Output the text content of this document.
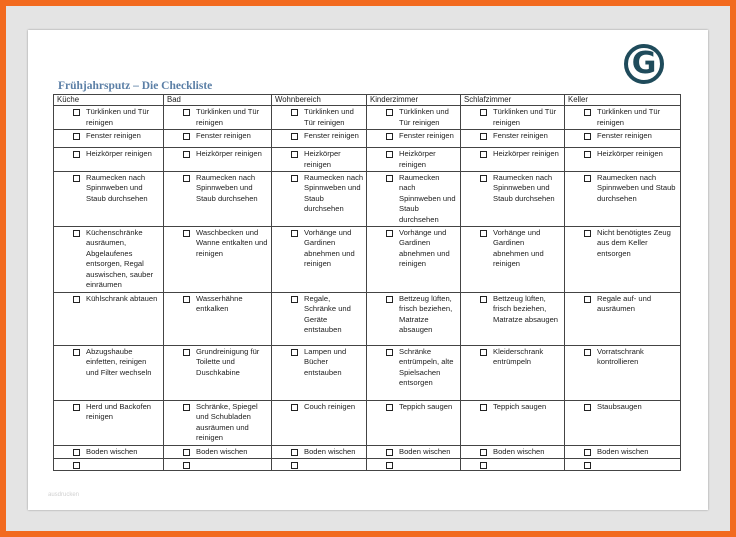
G
Frühjahrsputz – Die Checkliste
Küche	Bad	Wohnbereich	Kinderzimmer	Schlafzimmer	Keller

Türklinken und Tür reinigen	Türklinken und Tür reinigen	Türklinken und Tür reinigen	Türklinken und Tür reinigen	Türklinken und Tür reinigen	Türklinken und Tür reinigen

Fenster reinigen	Fenster reinigen	Fenster reinigen	Fenster reinigen	Fenster reinigen	Fenster reinigen

Heizkörper reinigen	Heizkörper reinigen	Heizkörper reinigen	Heizkörper reinigen	Heizkörper reinigen	Heizkörper reinigen

Raumecken nach Spinnweben und Staub durchsehen	Raumecken nach Spinnweben und Staub durchsehen	Raumecken nach Spinnweben und Staub durchsehen	Raumecken nach Spinnweben und Staub durchsehen	Raumecken nach Spinnweben und Staub durchsehen	Raumecken nach Spinnweben und Staub durchsehen

Küchenschränke ausräumen, Abgelaufenes entsorgen, Regal auswischen, sauber einräumen	Waschbecken und Wanne entkalten und reinigen	Vorhänge und Gardinen abnehmen und reinigen	Vorhänge und Gardinen abnehmen und reinigen	Vorhänge und Gardinen abnehmen und reinigen	Nicht benötigtes Zeug aus dem Keller entsorgen

Kühlschrank abtauen	Wasserhähne entkalken	Regale, Schränke und Geräte entstauben	Bettzeug lüften, frisch beziehen, Matratze absaugen	Bettzeug lüften, frisch beziehen, Matratze absaugen	Regale auf- und ausräumen

Abzugshaube einfetten, reinigen und Filter wechseln	Grundreinigung für Toilette und Duschkabine	Lampen und Bücher entstauben	Schränke entrümpeln, alte Spielsachen entsorgen	Kleiderschrank entrümpeln	Vorratschrank kontrollieren

Herd und Backofen reinigen	Schränke, Spiegel und Schubladen ausräumen und reinigen	Couch reinigen	Teppich saugen	Teppich saugen	Staubsaugen

Boden wischen	Boden wischen	Boden wischen	Boden wischen	Boden wischen	Boden wischen

ausdrucken
